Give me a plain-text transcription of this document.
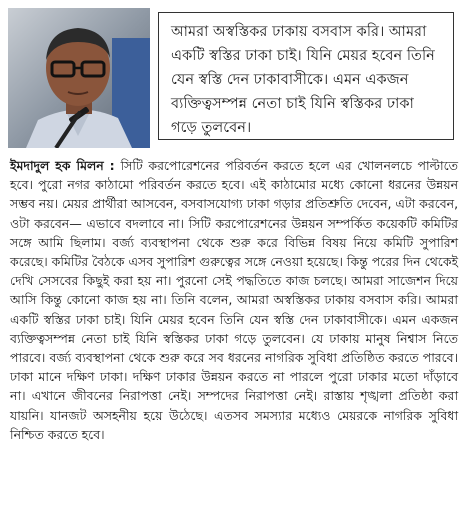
আমরা অস্বস্তিকর ঢাকায় বসবাস করি। আমরা একটি স্বস্তির ঢাকা চাই। যিনি মেয়র হবেন তিনি যেন স্বস্তি দেন ঢাকাবাসীকে। এমন একজন ব্যক্তিত্বসম্পন্ন নেতা চাই যিনি স্বস্তিকর ঢাকা গড়ে তুলবেন।
ইমদাদুল হক মিলন : সিটি করপোরেশনের পরিবর্তন করতে হলে এর খোলনলচে পাল্টাতে হবে। পুরো নগর কাঠামো পরিবর্তন করতে হবে। এই কাঠামোর মধ্যে কোনো ধরনের উন্নয়ন সম্ভব নয়। মেয়র প্রার্থীরা আসবেন, বসবাসযোগ্য ঢাকা গড়ার প্রতিশ্রুতি দেবেন, এটা করবেন, ওটা করবেন— এভাবে বদলাবে না। সিটি করপোরেশনের উন্নয়ন সম্পর্কিত কয়েকটি কমিটির সঙ্গে আমি ছিলাম। বর্জ্য ব্যবস্থাপনা থেকে শুরু করে বিভিন্ন বিষয় নিয়ে কমিটি সুপারিশ করেছে। কমিটির বৈঠকে এসব সুপারিশ গুরুত্বের সঙ্গে নেওয়া হয়েছে। কিন্তু পরের দিন থেকেই দেখি সেসবের কিছুই করা হয় না। পুরনো সেই পদ্ধতিতে কাজ চলছে। আমরা সাজেশন দিয়ে আসি কিন্তু কোনো কাজ হয় না। তিনি বলেন, আমরা অস্বস্তিকর ঢাকায় বসবাস করি। আমরা একটি স্বস্তির ঢাকা চাই। যিনি মেয়র হবেন তিনি যেন স্বস্তি দেন ঢাকাবাসীকে। এমন একজন ব্যক্তিত্বসম্পন্ন নেতা চাই যিনি স্বস্তিকর ঢাকা গড়ে তুলবেন। যে ঢাকায় মানুষ নিশ্বাস নিতে পারবে। বর্জ্য ব্যবস্থাপনা থেকে শুরু করে সব ধরনের নাগরিক সুবিধা প্রতিষ্ঠিত করতে পারবে। ঢাকা মানে দক্ষিণ ঢাকা। দক্ষিণ ঢাকার উন্নয়ন করতে না পারলে পুরো ঢাকার মতো দাঁড়াবে না। এখানে জীবনের নিরাপত্তা নেই। সম্পদের নিরাপত্তা নেই। রাস্তায় শৃঙ্খলা প্রতিষ্ঠা করা যায়নি। যানজট অসহনীয় হয়ে উঠেছে। এতসব সমস্যার মধ্যেও মেয়রকে নাগরিক সুবিধা নিশ্চিত করতে হবে।
